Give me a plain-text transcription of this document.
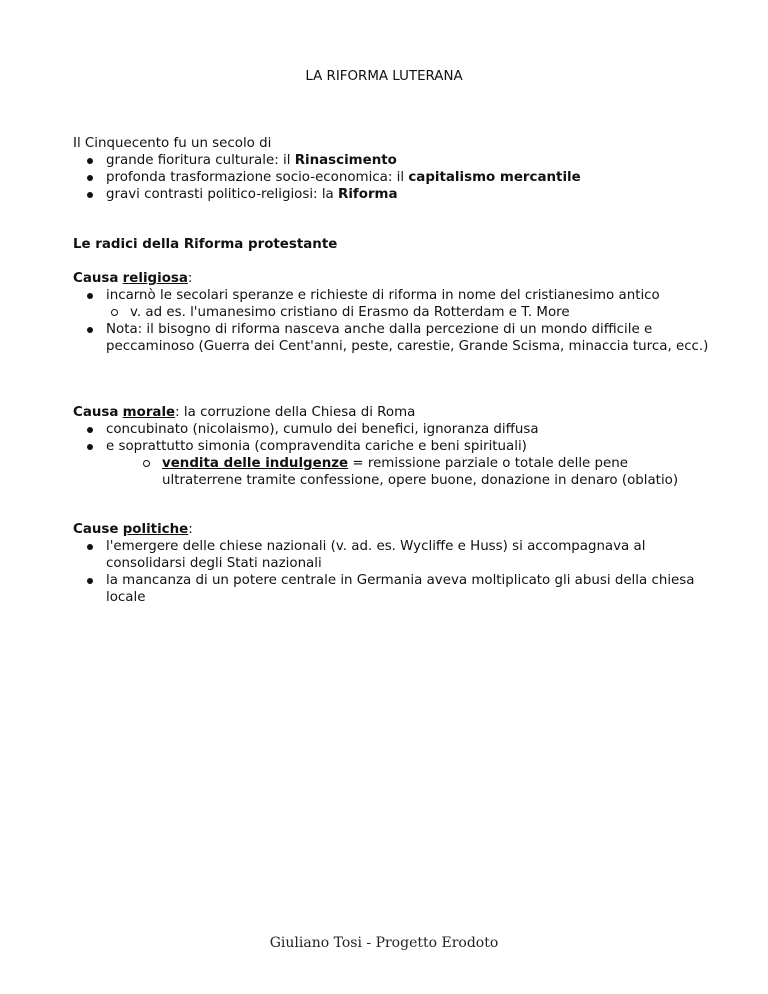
LA RIFORMA LUTERANA
Il Cinquecento fu un secolo di
grande fioritura culturale: il Rinascimento
profonda trasformazione socio-economica: il capitalismo mercantile
gravi contrasti politico-religiosi: la Riforma
Le radici della Riforma protestante
Causa religiosa:
incarnò le secolari speranze e richieste di riforma in nome del cristianesimo antico
v. ad es. l'umanesimo cristiano di Erasmo da Rotterdam e T. More
Nota: il bisogno di riforma nasceva anche dalla percezione di un mondo difficile e peccaminoso (Guerra dei Cent'anni, peste, carestie, Grande Scisma, minaccia turca, ecc.)
Causa morale: la corruzione della Chiesa di Roma
concubinato (nicolaismo), cumulo dei benefici, ignoranza diffusa
e soprattutto simonia (compravendita cariche e beni spirituali)
vendita delle indulgenze = remissione parziale o totale delle pene ultraterrene tramite confessione, opere buone, donazione in denaro (oblatio)
Cause politiche:
l'emergere delle chiese nazionali (v. ad. es. Wycliffe e Huss) si accompagnava al consolidarsi degli Stati nazionali
la mancanza di un potere centrale in Germania aveva moltiplicato gli abusi della chiesa locale
Giuliano Tosi - Progetto Erodoto
